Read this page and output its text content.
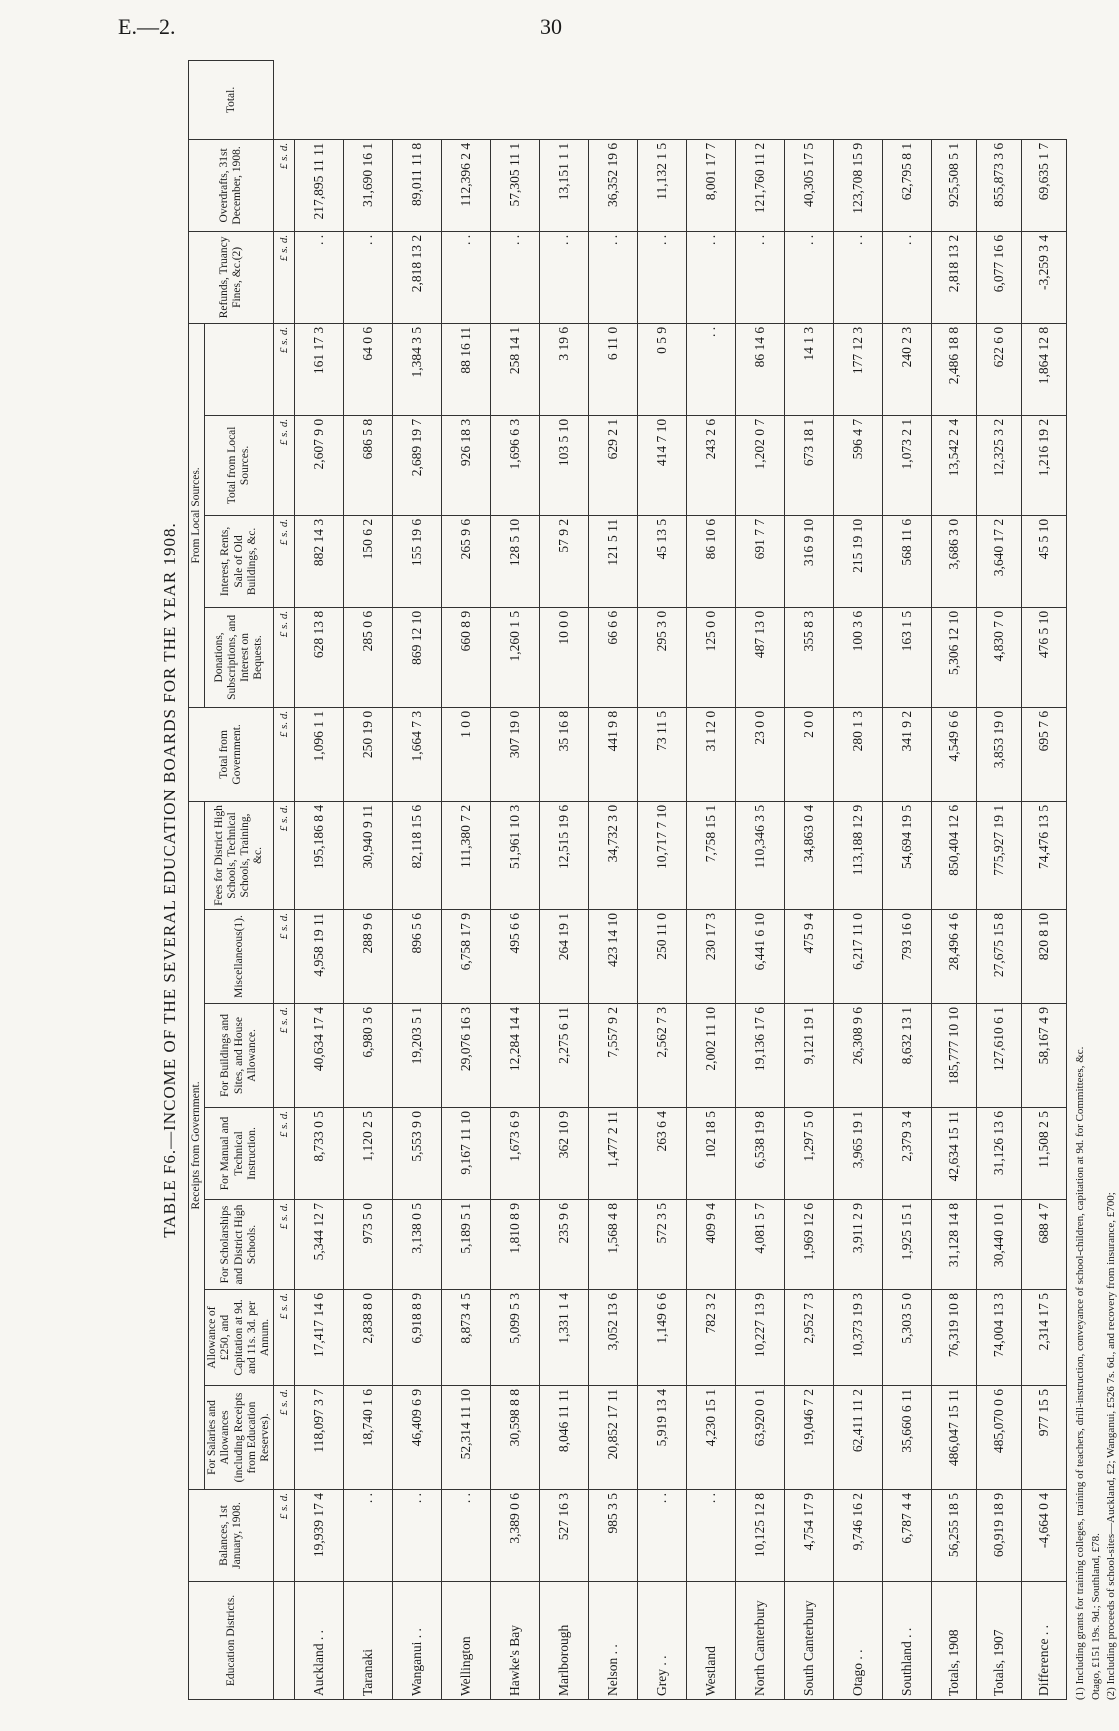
E.—2.	30
TABLE F6.—INCOME OF THE SEVERAL EDUCATION BOARDS FOR THE YEAR 1908.
Education Districts.	Balances, 1st January, 1908.	Receipts from Government.							Total from Government.	From Local Sources.				Refunds, Truancy Fines, &c.(2)	Overdrafts, 31st December, 1908.	Total.
		For Salaries and Allowances (including Receipts from Education Reserves).	Allowance of £250, and Capitation at 9d. and 11s. 3d. per Annum.	For Scholarships and District High Schools.	For Manual and Technical Instruction.	For Buildings and Sites, and House Allowance.	Miscellaneous(1).	Fees for District High Schools, Technical Schools, Training, &c.		Donations, Subscriptions, and Interest on Bequests.	Interest, Rents, Sale of Old Buildings, &c.	Total from Local Sources.				
	£ s. d.	£ s. d.	£ s. d.	£ s. d.	£ s. d.	£ s. d.	£ s. d.	£ s. d.	£ s. d.	£ s. d.	£ s. d.	£ s. d.	£ s. d.	£ s. d.	£ s. d.	
Auckland . .	19,939 17 4	118,097 3 7	17,417 14 6	5,344 12 7	8,733 0 5	40,634 17 4	4,958 19 11	195,186 8 4	1,096 1 1	628 13 8	882 14 3	2,607 9 0	161 17 3	. .	217,895 11 11	
Taranaki	. .	18,740 1 6	2,838 8 0	973 5 0	1,120 2 5	6,980 3 6	288 9 6	30,940 9 11	250 19 0	285 0 6	150 6 2	686 5 8	64 0 6	. .	31,690 16 1	
Wanganui . .	. .	46,409 6 9	6,918 8 9	3,138 0 5	5,553 9 0	19,203 5 1	896 5 6	82,118 15 6	1,664 7 3	869 12 10	155 19 6	2,689 19 7	1,384 3 5	2,818 13 2	89,011 11 8	
Wellington	. .	52,314 11 10	8,873 4 5	5,189 5 1	9,167 11 10	29,076 16 3	6,758 17 9	111,380 7 2	1 0 0	660 8 9	265 9 6	926 18 3	88 16 11	. .	112,396 2 4	
Hawke's Bay	3,389 0 6	30,598 8 8	5,099 5 3	1,810 8 9	1,673 6 9	12,284 14 4	495 6 6	51,961 10 3	307 19 0	1,260 1 5	128 5 10	1,696 6 3	258 14 1	. .	57,305 11 1	
Marlborough	527 16 3	8,046 11 11	1,331 1 4	235 9 6	362 10 9	2,275 6 11	264 19 1	12,515 19 6	35 16 8	10 0 0	57 9 2	103 5 10	3 19 6	. .	13,151 1 1	
Nelson . .	985 3 5	20,852 17 11	3,052 13 6	1,568 4 8	1,477 2 11	7,557 9 2	423 14 10	34,732 3 0	441 9 8	66 6 6	121 5 11	629 2 1	6 11 0	. .	36,352 19 6	
Grey . .	. .	5,919 13 4	1,149 6 6	572 3 5	263 6 4	2,562 7 3	250 11 0	10,717 7 10	73 11 5	295 3 0	45 13 5	414 7 10	0 5 9	. .	11,132 1 5	
Westland	. .	4,230 15 1	782 3 2	409 9 4	102 18 5	2,002 11 10	230 17 3	7,758 15 1	31 12 0	125 0 0	86 10 6	243 2 6	. .	. .	8,001 17 7	
North Canterbury	10,125 12 8	63,920 0 1	10,227 13 9	4,081 5 7	6,538 19 8	19,136 17 6	6,441 6 10	110,346 3 5	23 0 0	487 13 0	691 7 7	1,202 0 7	86 14 6	. .	121,760 11 2	
South Canterbury	4,754 17 9	19,046 7 2	2,952 7 3	1,969 12 6	1,297 5 0	9,121 19 1	475 9 4	34,863 0 4	2 0 0	355 8 3	316 9 10	673 18 1	14 1 3	. .	40,305 17 5	
Otago . .	9,746 16 2	62,411 11 2	10,373 19 3	3,911 2 9	3,965 19 1	26,308 9 6	6,217 11 0	113,188 12 9	280 1 3	100 3 6	215 19 10	596 4 7	177 12 3	. .	123,708 15 9	
Southland . .	6,787 4 4	35,660 6 11	5,303 5 0	1,925 15 1	2,379 3 4	8,632 13 1	793 16 0	54,694 19 5	341 9 2	163 1 5	568 11 6	1,073 2 1	240 2 3	. .	62,795 8 1	
Totals, 1908	56,255 18 5	486,047 15 11	76,319 10 8	31,128 14 8	42,634 15 11	185,777 10 10	28,496 4 6	850,404 12 6	4,549 6 6	5,306 12 10	3,686 3 0	13,542 2 4	2,486 18 8	2,818 13 2	925,508 5 1	
Totals, 1907	60,919 18 9	485,070 0 6	74,004 13 3	30,440 10 1	31,126 13 6	127,610 6 1	27,675 15 8	775,927 19 1	3,853 19 0	4,830 7 0	3,640 17 2	12,325 3 2	622 6 0	6,077 16 6	855,873 3 6	
Difference . .	-4,664 0 4	977 15 5	2,314 17 5	688 4 7	11,508 2 5	58,167 4 9	820 8 10	74,476 13 5	695 7 6	476 5 10	45 5 10	1,216 19 2	1,864 12 8	-3,259 3 4	69,635 1 7	
(1) Including grants for training colleges, training of teachers, drill-instruction, conveyance of school-children, capitation at 9d. for Committees, &c. Otago, £151 19s. 9d.; Southland, £78. (2) Including proceeds of school-sites—Auckland, £2; Wanganui, £526 7s. 6d., and recovery from insurance, £700;
